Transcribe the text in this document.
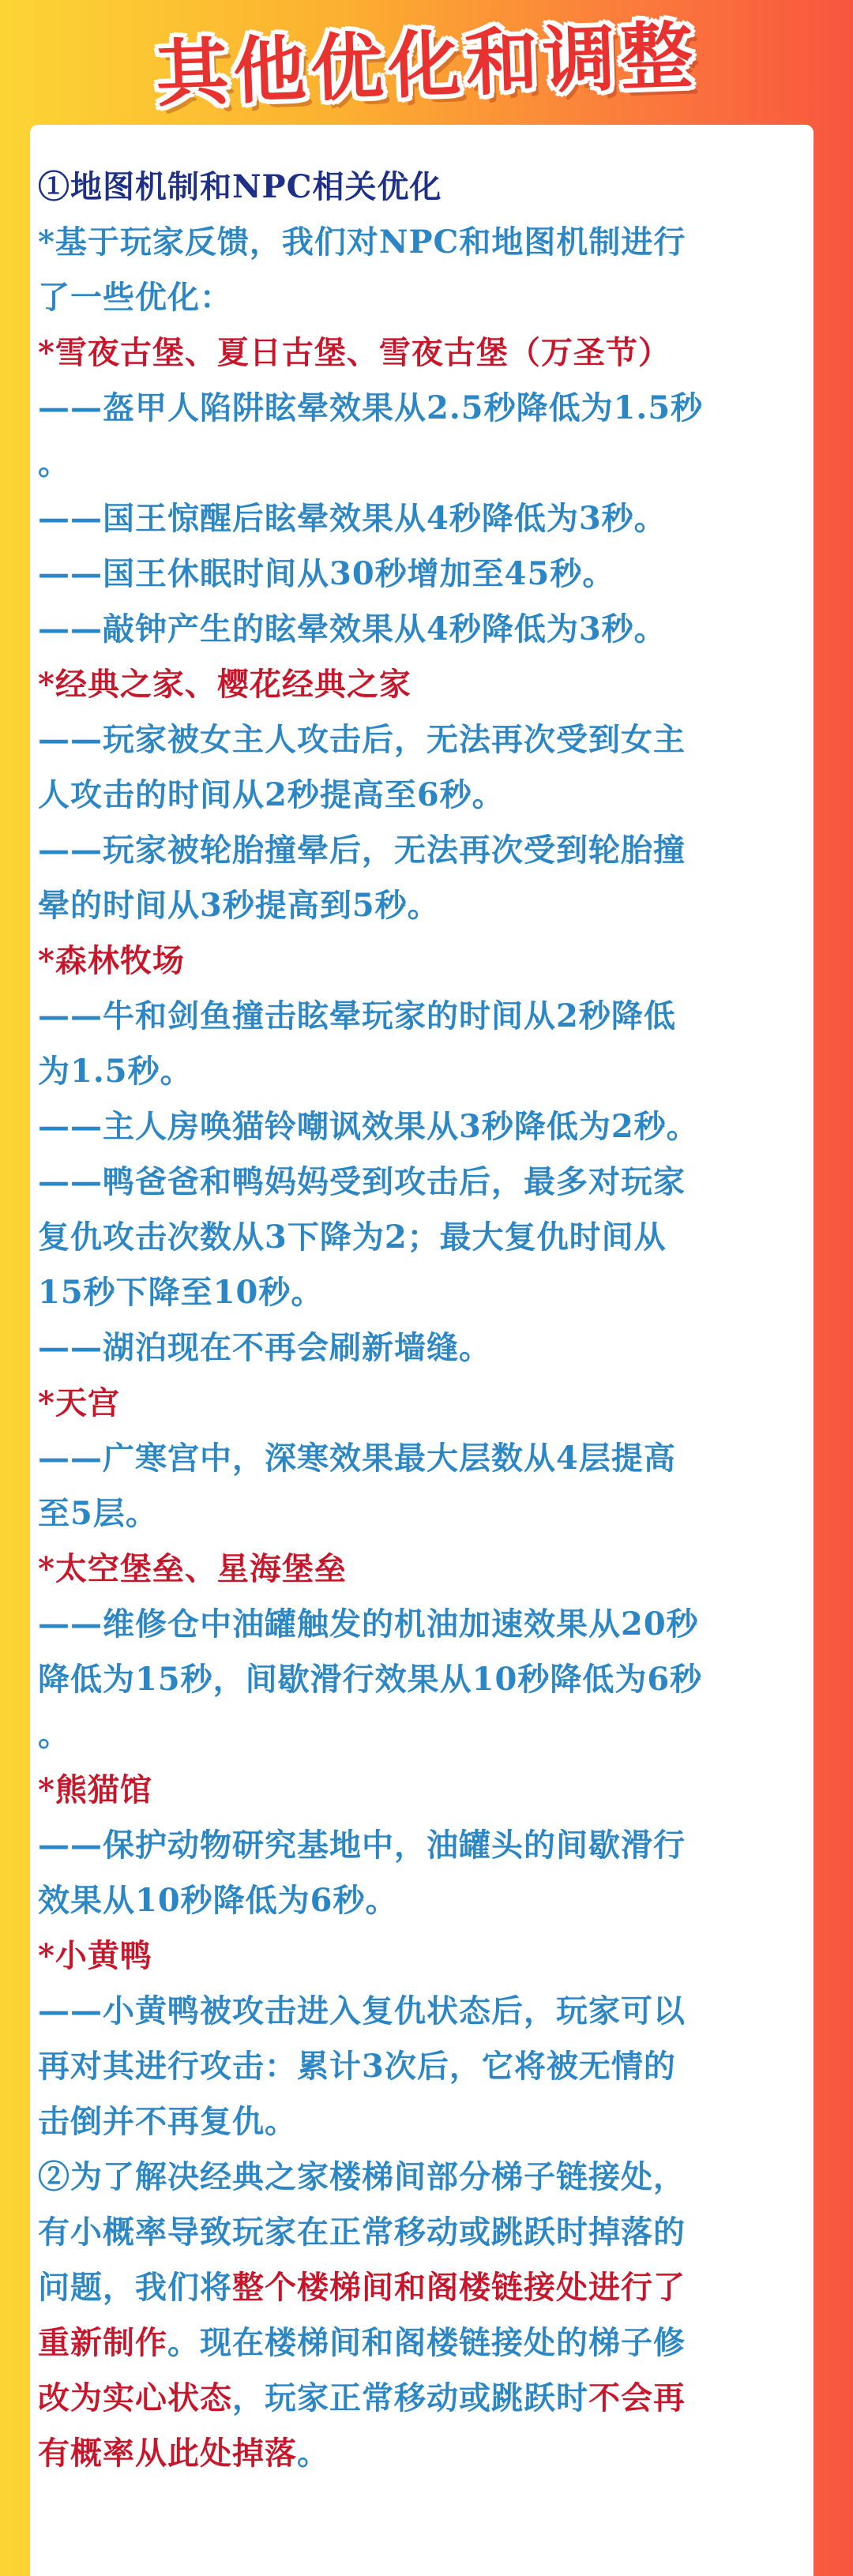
其他优化和调整
①地图机制和NPC相关优化
*基于玩家反馈，我们对NPC和地图机制进行
了一些优化：
*雪夜古堡、夏日古堡、雪夜古堡（万圣节）
——盔甲人陷阱眩晕效果从2.5秒降低为1.5秒
。
——国王惊醒后眩晕效果从4秒降低为3秒。
——国王休眠时间从30秒增加至45秒。
——敲钟产生的眩晕效果从4秒降低为3秒。
*经典之家、樱花经典之家
——玩家被女主人攻击后，无法再次受到女主
人攻击的时间从2秒提高至6秒。
——玩家被轮胎撞晕后，无法再次受到轮胎撞
晕的时间从3秒提高到5秒。
*森林牧场
——牛和剑鱼撞击眩晕玩家的时间从2秒降低
为1.5秒。
——主人房唤猫铃嘲讽效果从3秒降低为2秒。
——鸭爸爸和鸭妈妈受到攻击后，最多对玩家
复仇攻击次数从3下降为2；最大复仇时间从
15秒下降至10秒。
——湖泊现在不再会刷新墙缝。
*天宫
——广寒宫中，深寒效果最大层数从4层提高
至5层。
*太空堡垒、星海堡垒
——维修仓中油罐触发的机油加速效果从20秒
降低为15秒，间歇滑行效果从10秒降低为6秒
。
*熊猫馆
——保护动物研究基地中，油罐头的间歇滑行
效果从10秒降低为6秒。
*小黄鸭
——小黄鸭被攻击进入复仇状态后，玩家可以
再对其进行攻击：累计3次后，它将被无情的
击倒并不再复仇。
②为了解决经典之家楼梯间部分梯子链接处，
有小概率导致玩家在正常移动或跳跃时掉落的
问题，我们将整个楼梯间和阁楼链接处进行了
重新制作。现在楼梯间和阁楼链接处的梯子修
改为实心状态，玩家正常移动或跳跃时不会再
有概率从此处掉落。
